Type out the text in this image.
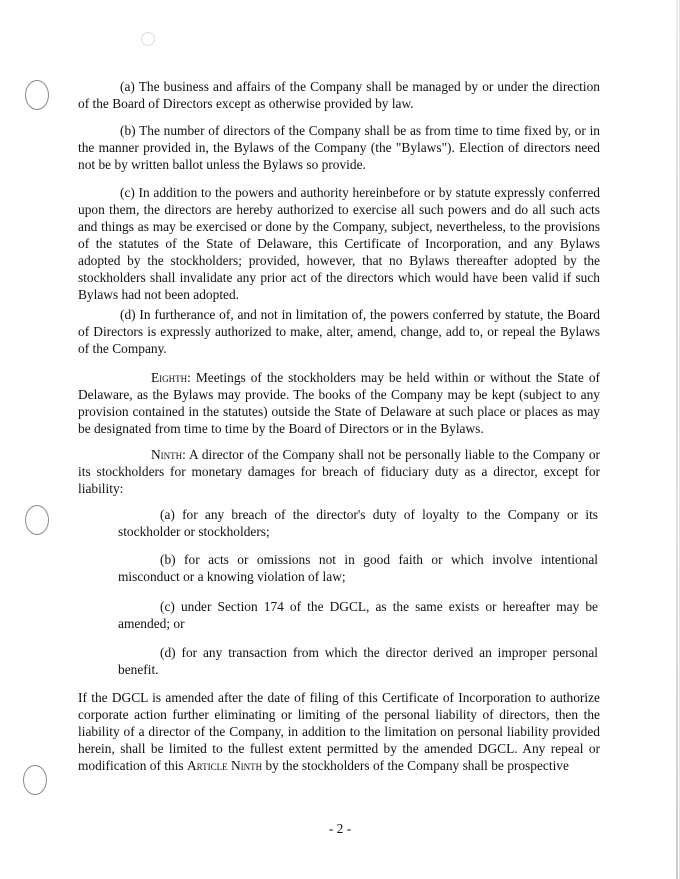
(a) The business and affairs of the Company shall be managed by or under the direction of the Board of Directors except as otherwise provided by law.

(b) The number of directors of the Company shall be as from time to time fixed by, or in the manner provided in, the Bylaws of the Company (the "Bylaws"). Election of directors need not be by written ballot unless the Bylaws so provide.

(c) In addition to the powers and authority hereinbefore or by statute expressly conferred upon them, the directors are hereby authorized to exercise all such powers and do all such acts and things as may be exercised or done by the Company, subject, nevertheless, to the provisions of the statutes of the State of Delaware, this Certificate of Incorporation, and any Bylaws adopted by the stockholders; provided, however, that no Bylaws thereafter adopted by the stockholders shall invalidate any prior act of the directors which would have been valid if such Bylaws had not been adopted.

(d) In furtherance of, and not in limitation of, the powers conferred by statute, the Board of Directors is expressly authorized to make, alter, amend, change, add to, or repeal the Bylaws of the Company.

Eighth: Meetings of the stockholders may be held within or without the State of Delaware, as the Bylaws may provide. The books of the Company may be kept (subject to any provision contained in the statutes) outside the State of Delaware at such place or places as may be designated from time to time by the Board of Directors or in the Bylaws.

Ninth: A director of the Company shall not be personally liable to the Company or its stockholders for monetary damages for breach of fiduciary duty as a director, except for liability:

(a) for any breach of the director's duty of loyalty to the Company or its stockholder or stockholders;

(b) for acts or omissions not in good faith or which involve intentional misconduct or a knowing violation of law;

(c) under Section 174 of the DGCL, as the same exists or hereafter may be amended; or

(d) for any transaction from which the director derived an improper personal benefit.

If the DGCL is amended after the date of filing of this Certificate of Incorporation to authorize corporate action further eliminating or limiting of the personal liability of directors, then the liability of a director of the Company, in addition to the limitation on personal liability provided herein, shall be limited to the fullest extent permitted by the amended DGCL. Any repeal or modification of this Article Ninth by the stockholders of the Company shall be prospective

- 2 -
